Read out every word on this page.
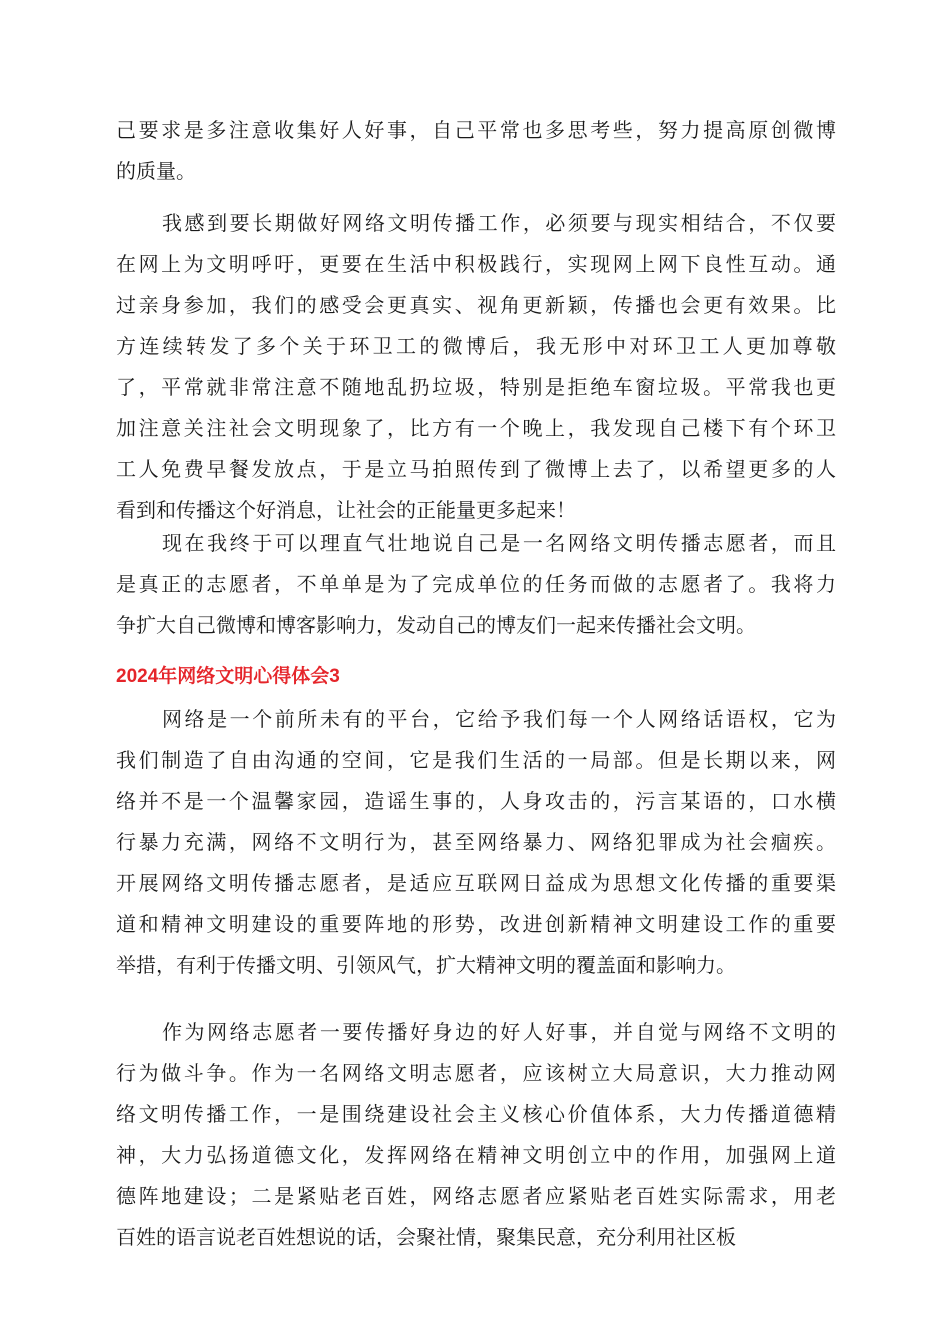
己要求是多注意收集好人好事，自己平常也多思考些，努力提高原创微博
的质量。
我感到要长期做好网络文明传播工作，必须要与现实相结合，不仅要
在网上为文明呼吁，更要在生活中积极践行，实现网上网下良性互动。通
过亲身参加，我们的感受会更真实、视角更新颖，传播也会更有效果。比
方连续转发了多个关于环卫工的微博后，我无形中对环卫工人更加尊敬
了，平常就非常注意不随地乱扔垃圾，特别是拒绝车窗垃圾。平常我也更
加注意关注社会文明现象了，比方有一个晚上，我发现自己楼下有个环卫
工人免费早餐发放点，于是立马拍照传到了微博上去了，以希望更多的人
看到和传播这个好消息，让社会的正能量更多起来！
现在我终于可以理直气壮地说自己是一名网络文明传播志愿者，而且
是真正的志愿者，不单单是为了完成单位的任务而做的志愿者了。我将力
争扩大自己微博和博客影响力，发动自己的博友们一起来传播社会文明。
2024年网络文明心得体会3
网络是一个前所未有的平台，它给予我们每一个人网络话语权，它为
我们制造了自由沟通的空间，它是我们生活的一局部。但是长期以来，网
络并不是一个温馨家园，造谣生事的，人身攻击的，污言某语的，口水横
行暴力充满，网络不文明行为，甚至网络暴力、网络犯罪成为社会痼疾。
开展网络文明传播志愿者，是适应互联网日益成为思想文化传播的重要渠
道和精神文明建设的重要阵地的形势，改进创新精神文明建设工作的重要
举措，有利于传播文明、引领风气，扩大精神文明的覆盖面和影响力。
作为网络志愿者一要传播好身边的好人好事，并自觉与网络不文明的
行为做斗争。作为一名网络文明志愿者，应该树立大局意识，大力推动网
络文明传播工作，一是围绕建设社会主义核心价值体系，大力传播道德精
神，大力弘扬道德文化，发挥网络在精神文明创立中的作用，加强网上道
德阵地建设；二是紧贴老百姓，网络志愿者应紧贴老百姓实际需求，用老
百姓的语言说老百姓想说的话，会聚社情，聚集民意，充分利用社区板
